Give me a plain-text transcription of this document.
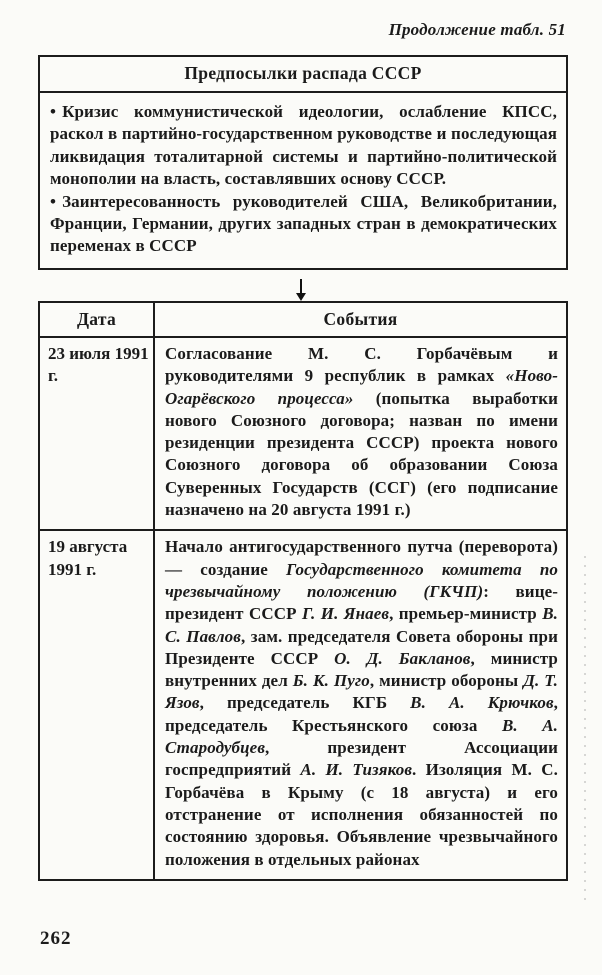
Продолжение табл. 51
Предпосылки распада СССР

• Кризис коммунистической идеологии, ослабление КПСС, раскол в партийно-государственном руководстве и последующая ликвидация тоталитарной системы и партийно-политической монополии на власть, составлявших основу СССР.

• Заинтересованность руководителей США, Великобритании, Франции, Германии, других западных стран в демократических переменах в СССР

Дата	События
23 июля 1991 г.
Согласование М. С. Горбачёвым и руководителями 9 республик в рамках «Ново-Огарёвского процесса» (попытка выработки нового Союзного договора; назван по имени резиденции президента СССР) проекта нового Союзного договора об образовании Союза Суверенных Государств (ССГ) (его подписание назначено на 20 августа 1991 г.)
19 августа 1991 г.
Начало антигосударственного путча (переворота) — создание Государственного комитета по чрезвычайному положению (ГКЧП): вице-президент СССР Г. И. Янаев, премьер-министр В. С. Павлов, зам. председателя Совета обороны при Президенте СССР О. Д. Бакланов, министр внутренних дел Б. К. Пуго, министр обороны Д. Т. Язов, председатель КГБ В. А. Крючков, председатель Крестьянского союза В. А. Стародубцев, президент Ассоциации госпредприятий А. И. Тизяков. Изоляция М. С. Горбачёва в Крыму (с 18 августа) и его отстранение от исполнения обязанностей по состоянию здоровья. Объявление чрезвычайного положения в отдельных районах
262
